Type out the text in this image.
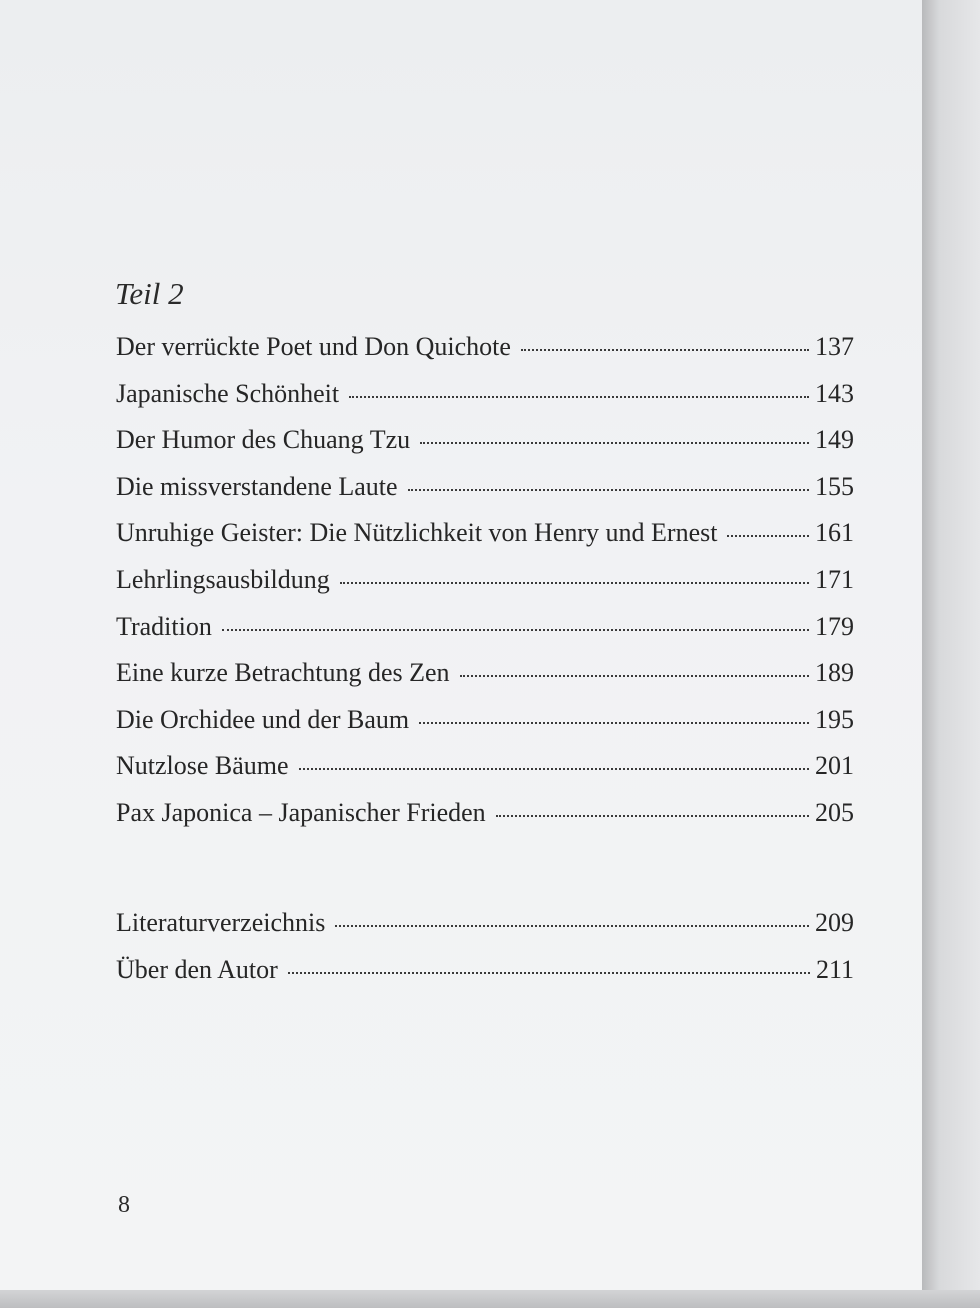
Teil 2
Der verrückte Poet und Don Quichote	137
Japanische Schönheit	143
Der Humor des Chuang Tzu	149
Die missverstandene Laute	155
Unruhige Geister: Die Nützlichkeit von Henry und Ernest	161
Lehrlingsausbildung	171
Tradition	179
Eine kurze Betrachtung des Zen	189
Die Orchidee und der Baum	195
Nutzlose Bäume	201
Pax Japonica – Japanischer Frieden	205
Literaturverzeichnis	209
Über den Autor	211
8
